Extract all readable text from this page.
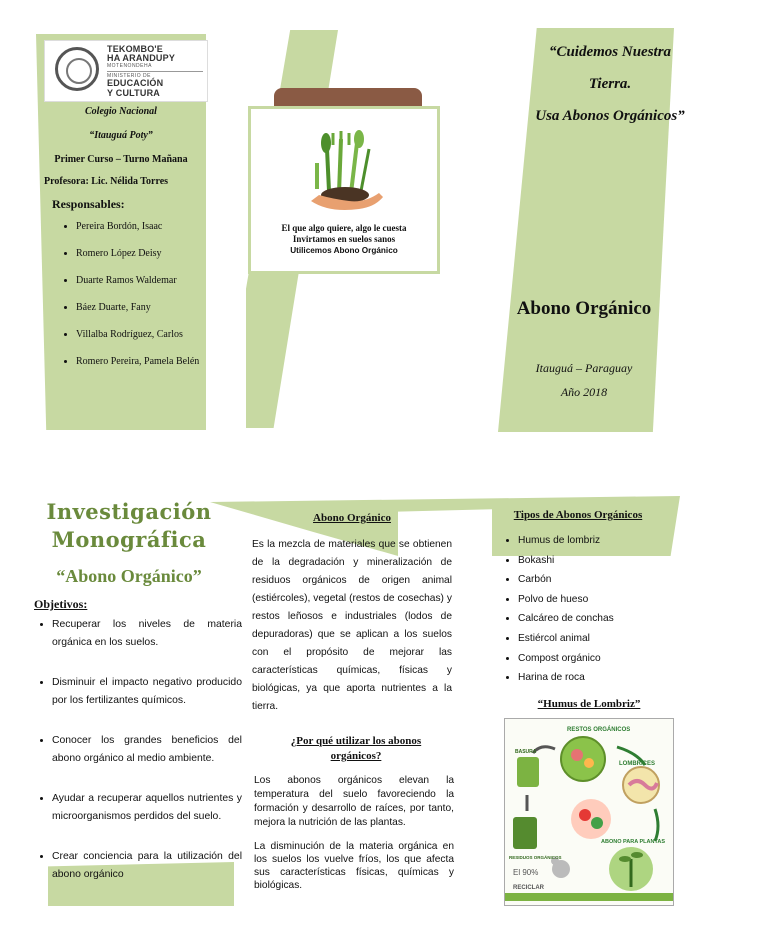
TEKOMBO'E
HA ARANDUPY
MOTENONDEHA
MINISTERIO DE
EDUCACIÓN
Y CULTURA
Colegio Nacional
“Itauguá Poty”
Primer Curso – Turno Mañana
Profesora: Lic. Nélida Torres
Responsables:
• Pereira Bordón, Isaac
• Romero López Deisy
• Duarte Ramos Waldemar
• Báez Duarte, Fany
• Villalba Rodríguez, Carlos
• Romero Pereira, Pamela Belén
El que algo quiere, algo le cuesta
Invirtamos en suelos sanos
Utilicemos Abono Orgánico
“Cuidemos Nuestra
Tierra.
Usa Abonos Orgánicos”
Abono Orgánico
Itauguá – Paraguay
Año 2018
Investigación
Monográfica
“Abono Orgánico”
Objetivos:
• Recuperar los niveles de materia orgánica en los suelos.
• Disminuir el impacto negativo producido por los fertilizantes químicos.
• Conocer los grandes beneficios del abono orgánico al medio ambiente.
• Ayudar a recuperar aquellos nutrientes y microorganismos perdidos del suelo.
• Crear conciencia para la utilización del abono orgánico
Abono Orgánico
Es la mezcla de materiales que se obtienen de la degradación y mineralización de residuos orgánicos de origen animal (estiércoles), vegetal (restos de cosechas) y restos leñosos e industriales (lodos de depuradoras) que se aplican a los suelos con el propósito de mejorar las características químicas, físicas y biológicas, ya que aporta nutrientes a la tierra.
¿Por qué utilizar los abonos orgánicos?
Los abonos orgánicos elevan la temperatura del suelo favoreciendo la formación y desarrollo de raíces, por tanto, mejora la nutrición de las plantas.
La disminución de la materia orgánica en los suelos los vuelve fríos, los que afecta sus características físicas, químicas y biológicas.
Tipos de Abonos Orgánicos
• Humus de lombriz
• Bokashi
• Carbón
• Polvo de hueso
• Calcáreo de conchas
• Estiércol animal
• Compost orgánico
• Harina de roca
“Humus de Lombriz”
RESTOS ORGÁNICOS
LOMBRICES
ABONO PARA PLANTAS
BASURA
RESIDUOS ORGÁNICOS
El 90%
RECICLAR
